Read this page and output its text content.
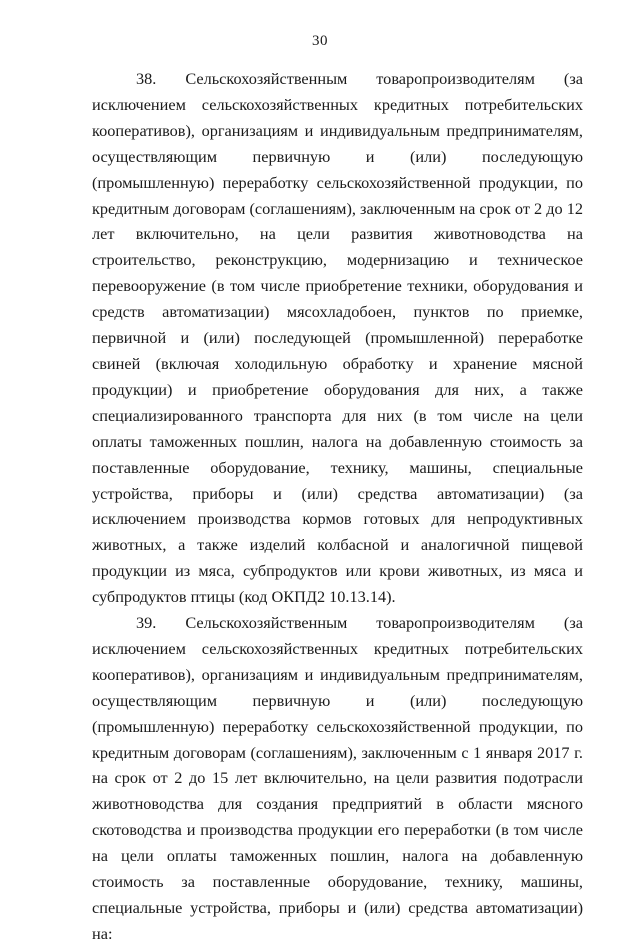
30

38. Сельскохозяйственным товаропроизводителям (за исключением сельскохозяйственных кредитных потребительских кооперативов), организациям и индивидуальным предпринимателям, осуществляющим первичную и (или) последующую (промышленную) переработку сельскохозяйственной продукции, по кредитным договорам (соглашениям), заключенным на срок от 2 до 12 лет включительно, на цели развития животноводства на строительство, реконструкцию, модернизацию и техническое перевооружение (в том числе приобретение техники, оборудования и средств автоматизации) мясохладобоен, пунктов по приемке, первичной и (или) последующей (промышленной) переработке свиней (включая холодильную обработку и хранение мясной продукции) и приобретение оборудования для них, а также специализированного транспорта для них (в том числе на цели оплаты таможенных пошлин, налога на добавленную стоимость за поставленные оборудование, технику, машины, специальные устройства, приборы и (или) средства автоматизации) (за исключением производства кормов готовых для непродуктивных животных, а также изделий колбасной и аналогичной пищевой продукции из мяса, субпродуктов или крови животных, из мяса и субпродуктов птицы (код ОКПД2 10.13.14).

39. Сельскохозяйственным товаропроизводителям (за исключением сельскохозяйственных кредитных потребительских кооперативов), организациям и индивидуальным предпринимателям, осуществляющим первичную и (или) последующую (промышленную) переработку сельскохозяйственной продукции, по кредитным договорам (соглашениям), заключенным с 1 января 2017 г. на срок от 2 до 15 лет включительно, на цели развития подотрасли животноводства для создания предприятий в области мясного скотоводства и производства продукции его переработки (в том числе на цели оплаты таможенных пошлин, налога на добавленную стоимость за поставленные оборудование, технику, машины, специальные устройства, приборы и (или) средства автоматизации) на:
